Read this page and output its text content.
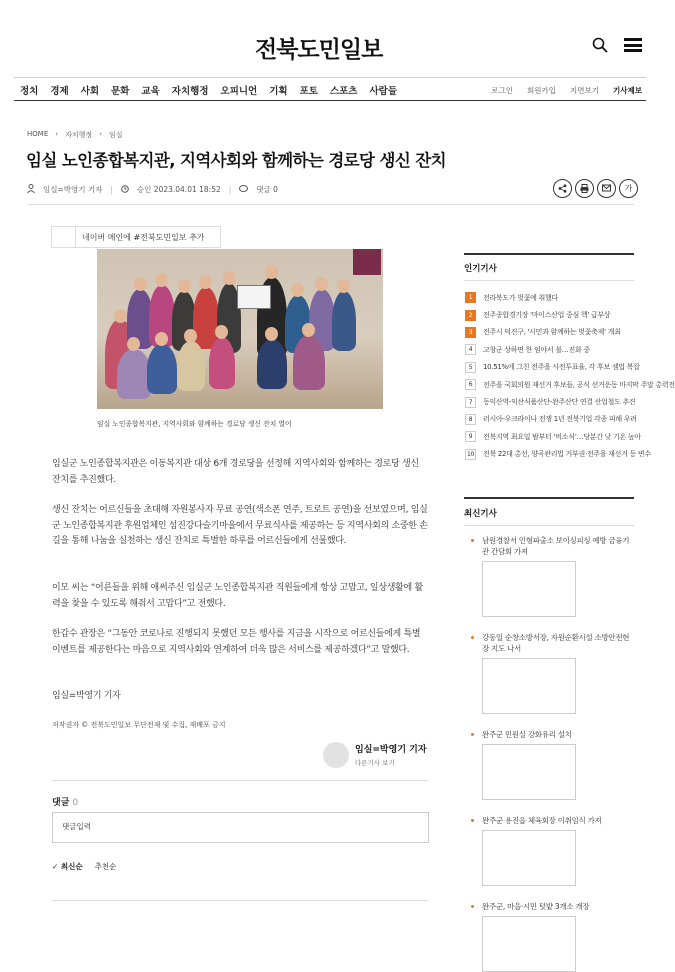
전북도민일보
정치 경제 사회 문화 교육 자치행정 오피니언 기획 포토 스포츠 사람들	로그인 회원가입 지면보기 기사제보
HOME › 자치행정 › 임실
임실 노인종합복지관, 지역사회와 함께하는 경로당 생신 잔치
임실=박영기 기자 |	승인 2023.04.01 18:52 |	댓글 0	가
네이버 메인에 #전북도민일보 추가
임실 노인종합복지관, 지역사회와 함께하는 경로당 생신 잔치 열어

임실군 노인종합복지관은 이동복지관 대상 6개 경로당을 선정해 지역사회와 함께하는 경로당 생신 잔치를 추진했다.

생신 잔치는 어르신들을 초대해 자원봉사자 무료 공연(색소폰 연주, 트로트 공연)을 선보였으며, 임실군 노인종합복지관 후원업체인 섬진강다슬기마을에서 무료식사를 제공하는 등 지역사회의 소중한 손길을 통해 나눔을 실천하는 생신 잔치로 특별한 하루를 어르신들에게 선물했다.

이모 씨는 “어른들을 위해 애써주신 임실군 노인종합복지관 직원들에게 항상 고맙고, 일상생활에 활력을 찾을 수 있도록 해줘서 고맙다”고 전했다.

한갑수 관장은 “그동안 코로나로 진행되지 못했던 모든 행사를 지금을 시작으로 어르신들에게 특별 이벤트를 제공한다는 마음으로 지역사회와 연계하여 더욱 많은 서비스를 제공하겠다”고 말했다.

임실=박영기 기자

저작권자 © 전북도민일보 무단전재 및 수집, 재배포 금지
임실=박영기 기자
다른기사 보기
댓글 0
댓글입력
✓ 최신순 추천순
인기기사
1	전라북도가 벚꽃에 취했다
2	전주종합경기장 '마이스산업 중심 핵' 급부상
3	전주시 덕진구, '시민과 함께하는 벚꽃축제' 개최
4	고창군 상하면 한 임야서 불…진화 중
5	10.51%에 그친 전주을 사전투표율, 각 후보 셈법 복잡
6	전주을 국회의원 재선거 후보들, 공식 선거운동 마지막 주말 총력전
7	동익산역-익산식품산단-완주산단 연결 산업철도 추진
8	러시아-우크라이나 전쟁 1년 전북기업 각종 피해 우려
9	전북지역 최요일 밤부터 ‘비소식’…당분간 낮 기온 높아
10 전북 22대 총선, 양곡관리법 거부권·전주을 재선거 등 변수
최신기사
남원경찰서 인형파출소 보이싱피싱 예방 금융기관 간담회 가져
강동일 순창소방서장, 자원순환시설 소방안전현장 지도 나서
완주군 민원실 강화유리 설치
완주군 용진읍 체육회장 이취임식 가져
완주군, 마을·시민 텃밭 3개소 개장
